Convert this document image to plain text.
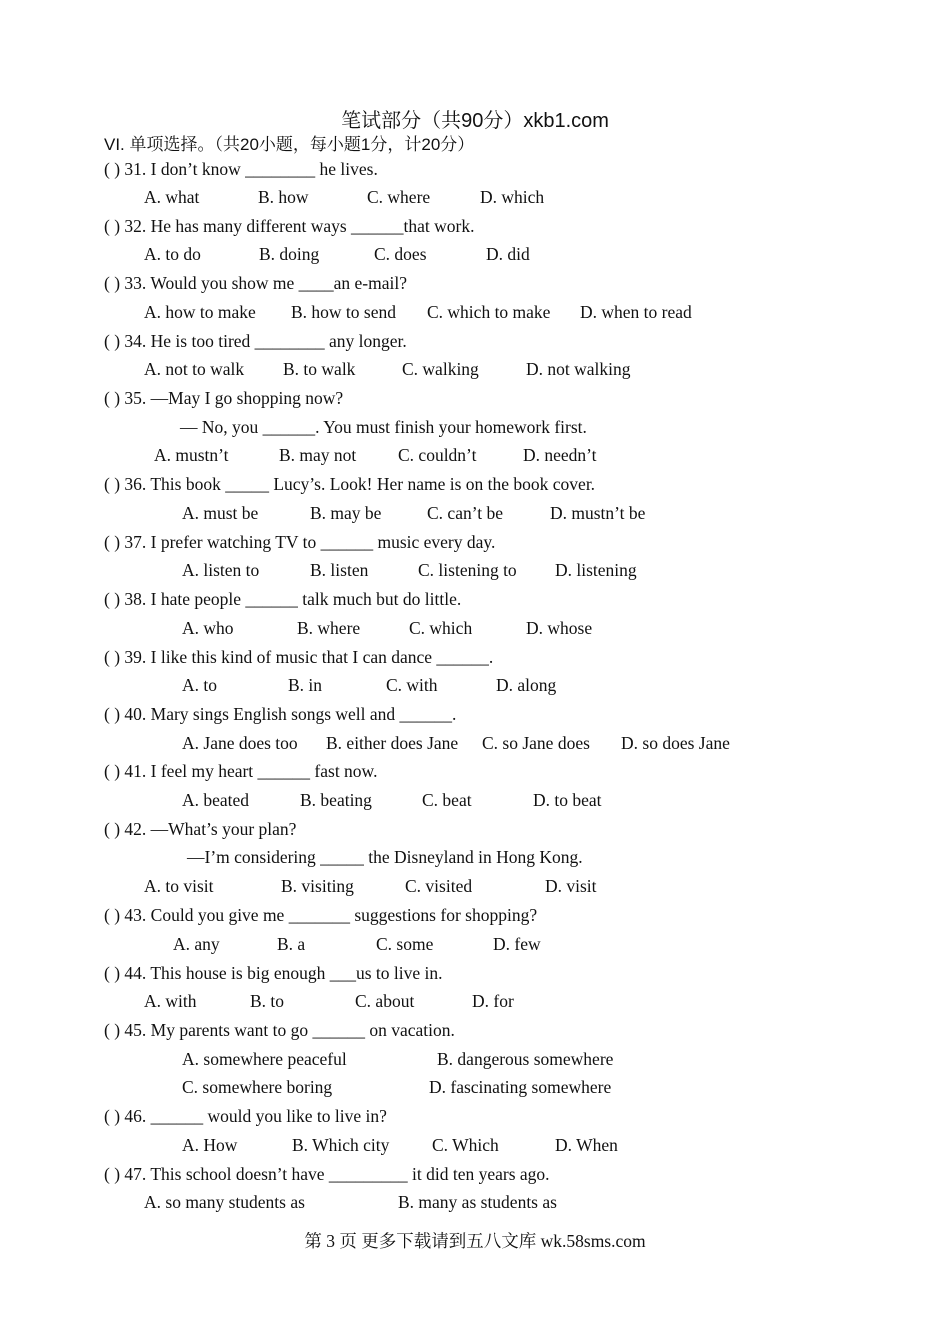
笔试部分（共90分）xkb1.com
VI. 单项选择。（共20小题，每小题1分，计20分）
( ) 31. I don’t know ________ he lives.
A. what	B. how	C. where	D. which
( ) 32. He has many different ways ______that work.
A. to do	B. doing	C. does	D. did
( ) 33. Would you show me ____an e-mail?
A. how to make B. how to send C. which to make D. when to read
( ) 34. He is too tired ________ any longer.
A. not to walk B. to walk	C. walking	D. not walking
( ) 35. —May I go shopping now?
— No, you ______. You must finish your homework first.
A. mustn’t	B. may not C. couldn’t	D. needn’t
( ) 36. This book _____ Lucy’s. Look! Her name is on the book cover.
A. must be	B. may be	C. can’t be	D. mustn’t be
( ) 37. I prefer watching TV to ______ music every day.
A. listen to	B. listen	C. listening to D. listening
( ) 38. I hate people ______ talk much but do little.
A. who	B. where	C. which	D. whose
( ) 39. I like this kind of music that I can dance ______.
A. to	B. in	C. with	D. along
( ) 40. Mary sings English songs well and ______.
A. Jane does too B. either does Jane C. so Jane does D. so does Jane
( ) 41. I feel my heart ______ fast now.
A. beated	B. beating	C. beat	D. to beat
( ) 42. —What’s your plan?
—I’m considering _____ the Disneyland in Hong Kong.
A. to visit	B. visiting	C. visited	D. visit
( ) 43. Could you give me _______ suggestions for shopping?
A. any	B. a	C. some	D. few
( ) 44. This house is big enough ___us to live in.
A. with	B. to	C. about	D. for
( ) 45. My parents want to go ______ on vacation.
A. somewhere peaceful	B. dangerous somewhere
C. somewhere boring	D. fascinating somewhere
( ) 46. ______ would you like to live in?
A. How	B. Which city C. Which	D. When
( ) 47. This school doesn’t have _________ it did ten years ago.
A. so many students as	B. many as students as
第 3 页 更多下载请到五八文库 wk.58sms.com
